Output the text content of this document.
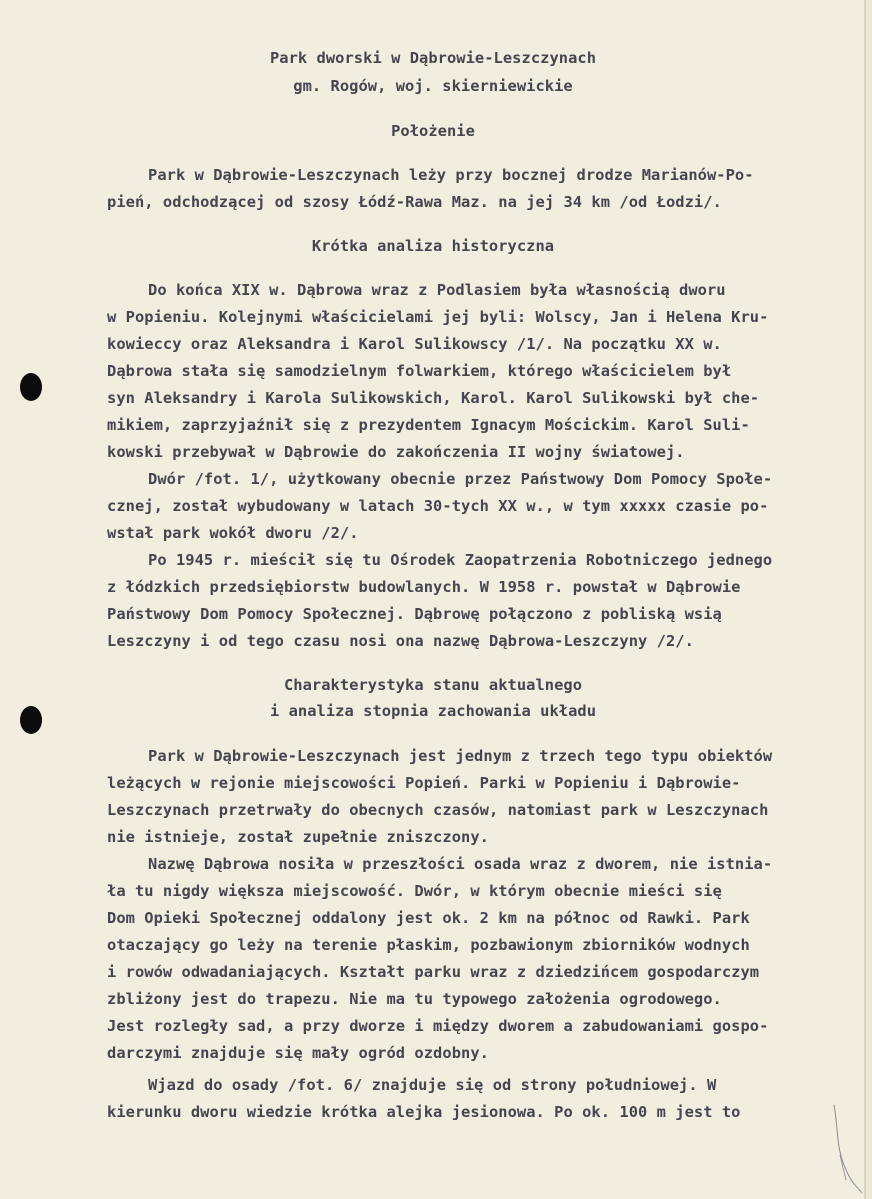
Park dworski w Dąbrowie-Leszczynach
gm. Rogów, woj. skierniewickie
Położenie
Park w Dąbrowie-Leszczynach leży przy bocznej drodze Marianów-Po-
pień, odchodzącej od szosy Łódź-Rawa Maz. na jej 34 km /od Łodzi/.
Krótka analiza historyczna
Do końca XIX w. Dąbrowa wraz z Podlasiem była własnością dworu
w Popieniu. Kolejnymi właścicielami jej byli: Wolscy, Jan i Helena Kru-
kowieccy oraz Aleksandra i Karol Sulikowscy /1/. Na początku XX w.
Dąbrowa stała się samodzielnym folwarkiem, którego właścicielem był
syn Aleksandry i Karola Sulikowskich, Karol. Karol Sulikowski był che-
mikiem, zaprzyjaźnił się z prezydentem Ignacym Mościckim. Karol Suli-
kowski przebywał w Dąbrowie do zakończenia II wojny światowej.
Dwór /fot. 1/, użytkowany obecnie przez Państwowy Dom Pomocy Społe-
cznej, został wybudowany w latach 30-tych XX w., w tym xxxxx czasie po-
wstał park wokół dworu /2/.
Po 1945 r. mieścił się tu Ośrodek Zaopatrzenia Robotniczego jednego
z łódzkich przedsiębiorstw budowlanych. W 1958 r. powstał w Dąbrowie
Państwowy Dom Pomocy Społecznej. Dąbrowę połączono z pobliską wsią
Leszczyny i od tego czasu nosi ona nazwę Dąbrowa-Leszczyny /2/.
Charakterystyka stanu aktualnego
i analiza stopnia zachowania układu
Park w Dąbrowie-Leszczynach jest jednym z trzech tego typu obiektów
leżących w rejonie miejscowości Popień. Parki w Popieniu i Dąbrowie-
Leszczynach przetrwały do obecnych czasów, natomiast park w Leszczynach
nie istnieje, został zupełnie zniszczony.
Nazwę Dąbrowa nosiła w przeszłości osada wraz z dworem, nie istnia-
ła tu nigdy większa miejscowość. Dwór, w którym obecnie mieści się
Dom Opieki Społecznej oddalony jest ok. 2 km na północ od Rawki. Park
otaczający go leży na terenie płaskim, pozbawionym zbiorników wodnych
i rowów odwadaniających. Kształt parku wraz z dziedzińcem gospodarczym
zbliżony jest do trapezu. Nie ma tu typowego założenia ogrodowego.
Jest rozległy sad, a przy dworze i między dworem a zabudowaniami gospo-
darczymi znajduje się mały ogród ozdobny.
Wjazd do osady /fot. 6/ znajduje się od strony południowej. W
kierunku dworu wiedzie krótka alejka jesionowa. Po ok. 100 m jest to
